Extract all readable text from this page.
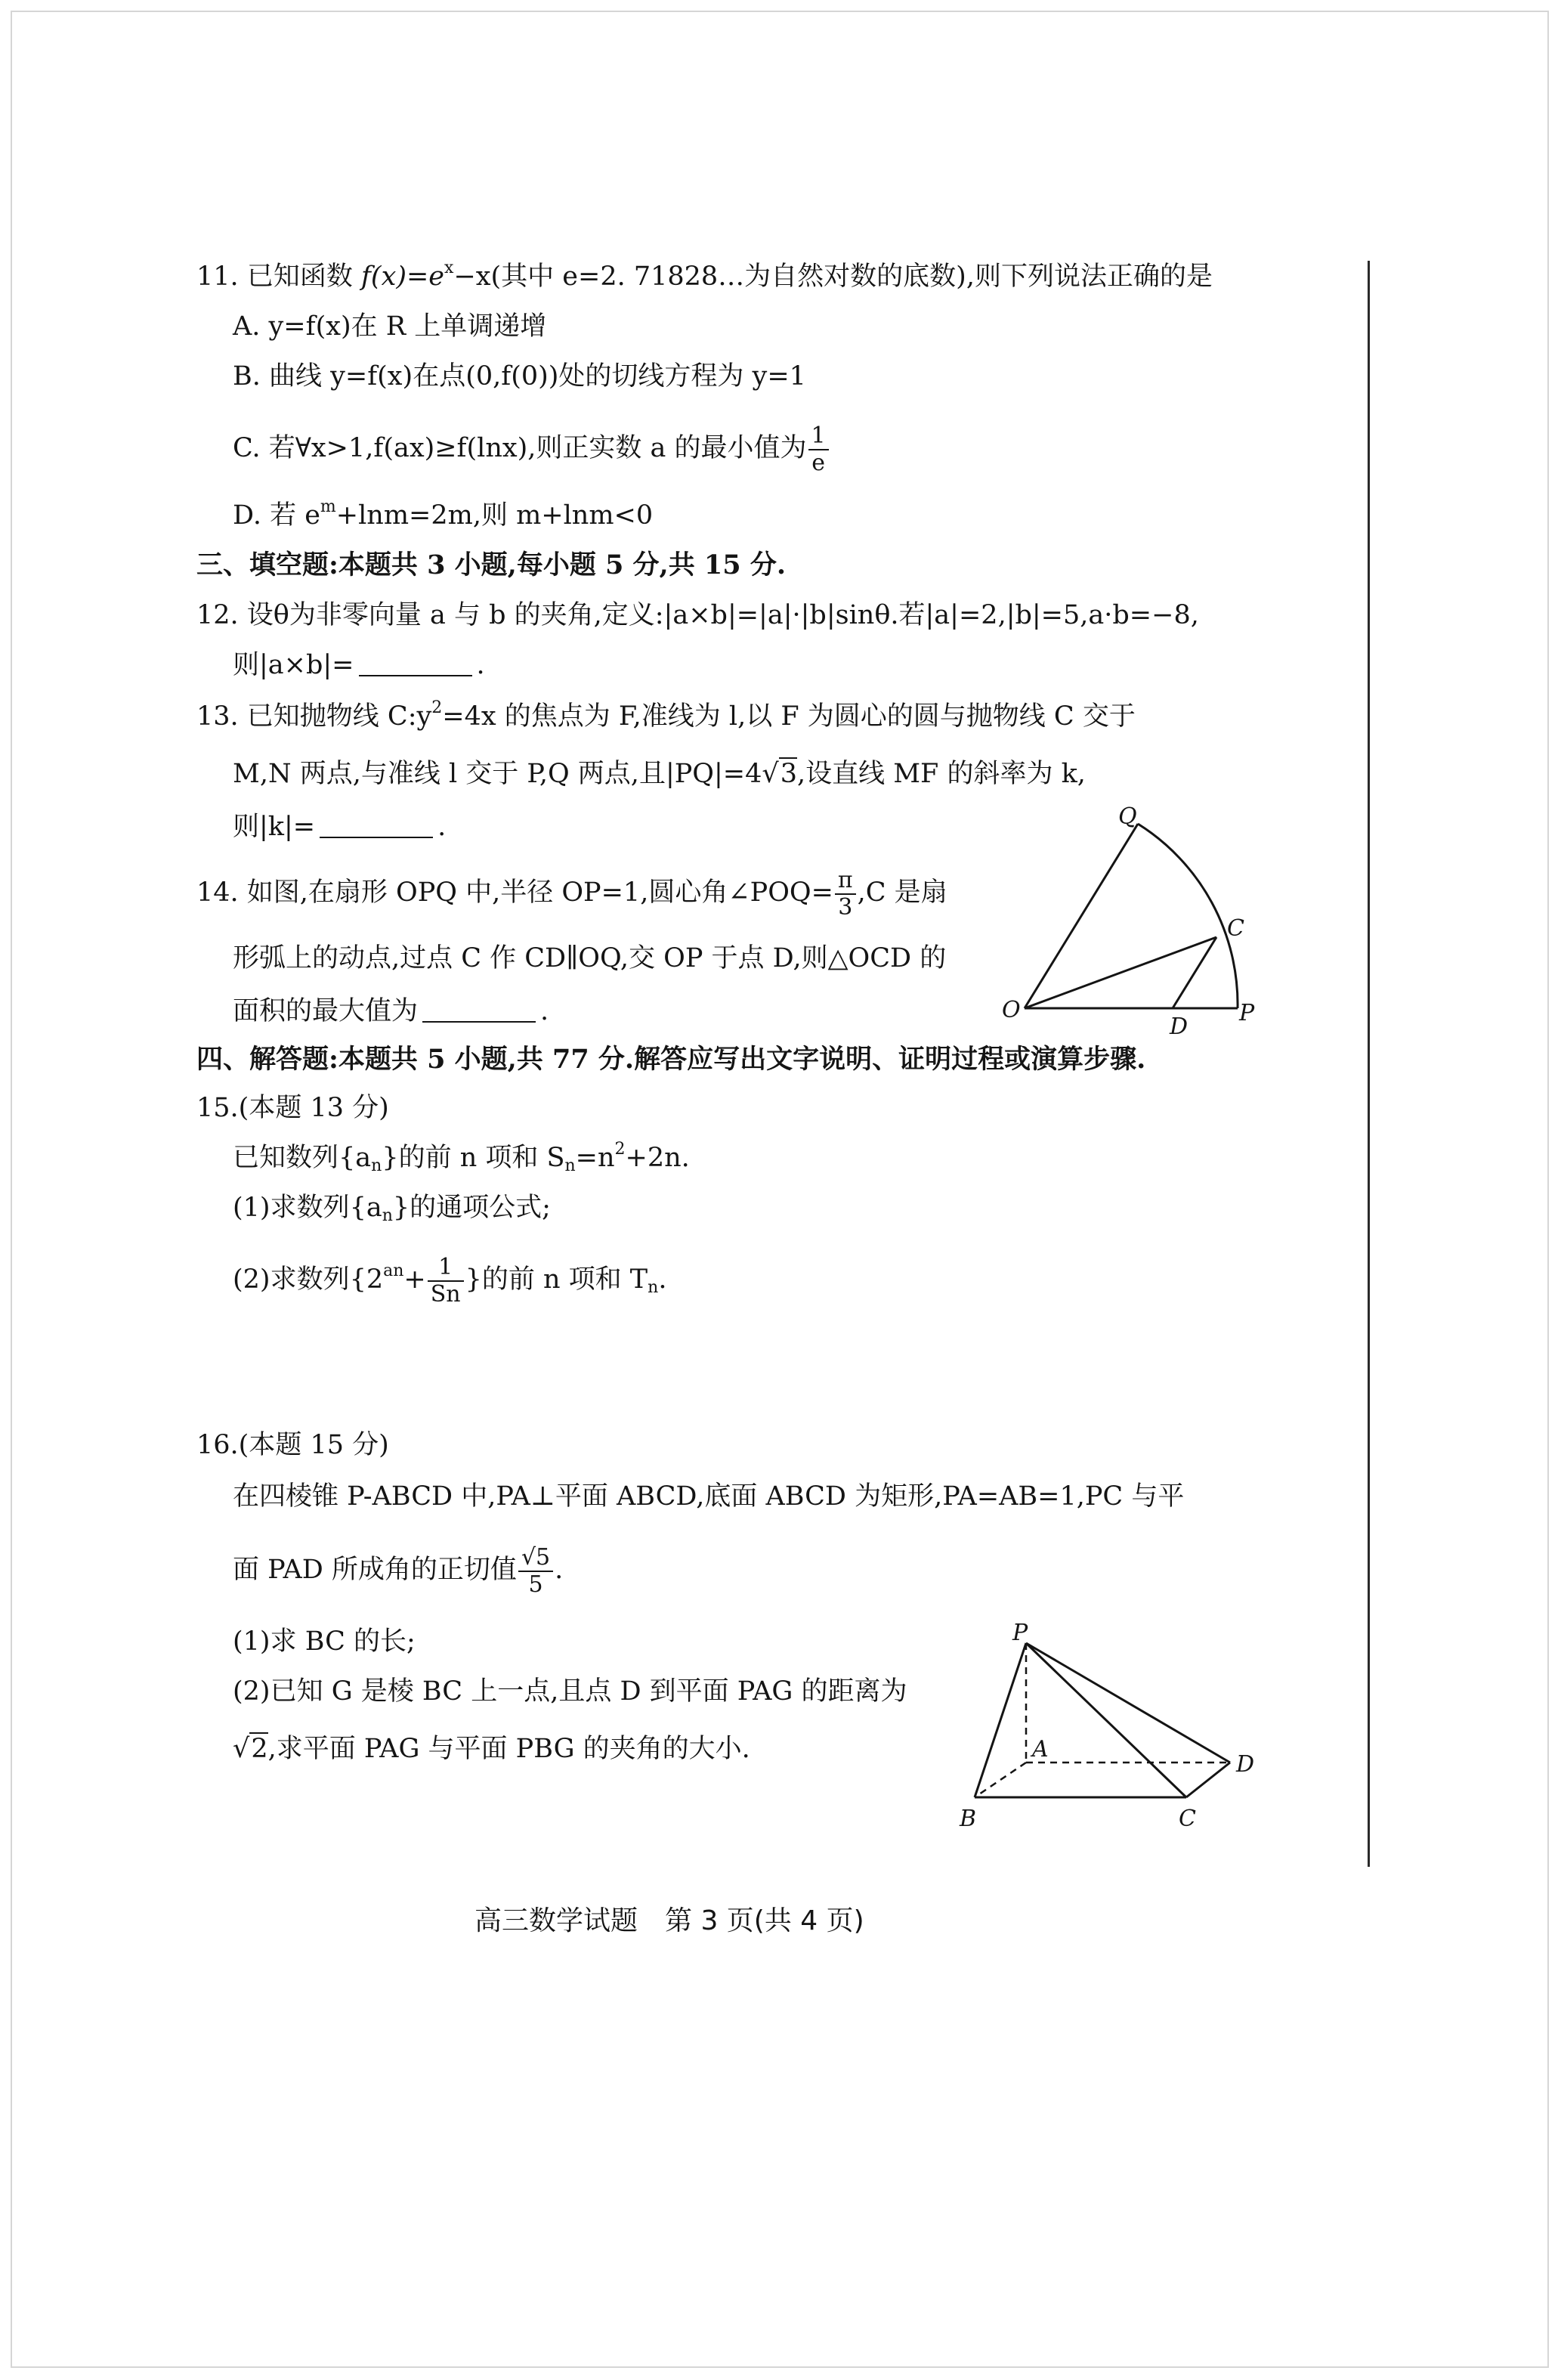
11. 已知函数 $f(x)=e^x-x$(其中 e=2. 71828…为自然对数的底数),则下列说法正确的是
A. y=f(x)在 R 上单调递增
B. 曲线 y=f(x)在点(0,f(0))处的切线方程为 y=1
C. 若∀x>1,f(ax)≥f(lnx),则正实数 a 的最小值为 $\frac{1}{e}$
D. 若 $e^m+\ln m=2m$,则 m+lnm<0
三、填空题:本题共 3 小题,每小题 5 分,共 15 分.
12. 设θ为非零向量 a 与 b 的夹角,定义:|a×b|=|a|·|b|sinθ.若|a|=2,|b|=5,a·b=−8,
则|a×b|=	.
13. 已知抛物线 $C:y^2=4x$ 的焦点为 F,准线为 l,以 F 为圆心的圆与抛物线 C 交于
M,N 两点,与准线 l 交于 P,Q 两点,且|PQ|=4√3,设直线 MF 的斜率为 k,
则|k|=	.
14. 如图,在扇形 OPQ 中,半径 OP=1,圆心角∠POQ= $\frac{\pi}{3} ,C$ 是扇
形弧上的动点,过点 C 作 CD∥OQ,交 OP 于点 D,则△OCD 的
面积的最大值为	.
Q
C
O
D
P
四、解答题:本题共 5 小题,共 77 分.解答应写出文字说明、证明过程或演算步骤.
15.(本题 13 分)
已知数列$\{a_n\}$的前 n 项和 $S_n=n^2+2n$.
(1)求数列$\{a_n\}$的通项公式;
(2)求数列{$2^{an}+ \frac{1}{Sn}$ }的前 n 项和 $T_n$.
16.(本题 15 分)
在四棱锥 P-ABCD 中,PA⊥平面 ABCD,底面 ABCD 为矩形,PA=AB=1,PC 与平
面 PAD 所成角的正切值 $\frac{√5}{5}$ .
(1)求 BC 的长;
(2)已知 G 是棱 BC 上一点,且点 D 到平面 PAG 的距离为
√2,求平面 PAG 与平面 PBG 的夹角的大小.
P
A
B	C
D
高三数学试题　第 3 页(共 4 页)
